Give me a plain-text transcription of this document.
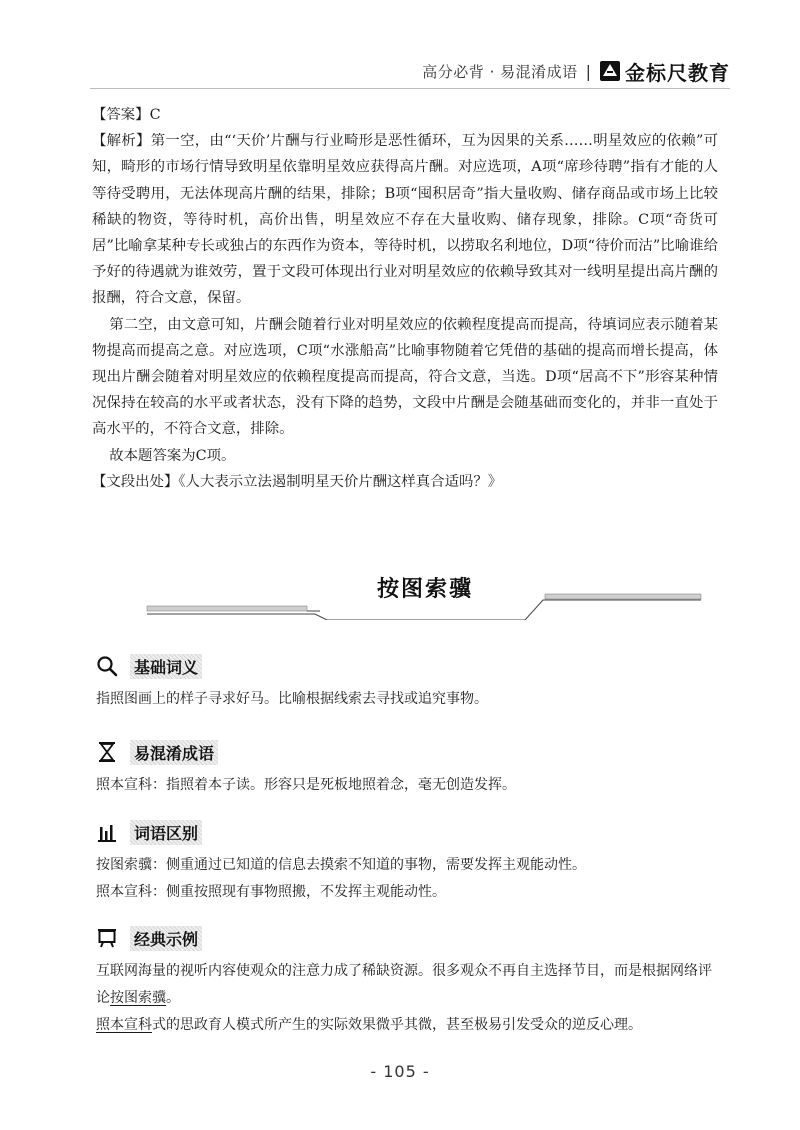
高分必背 · 易混淆成语 | 金标尺教育

【答案】C

【解析】第一空，由“‘天价’片酬与行业畸形是恶性循环，互为因果的关系……明星效应的依赖”可知，畸形的市场行情导致明星依靠明星效应获得高片酬。对应选项，A项“席珍待聘”指有才能的人等待受聘用，无法体现高片酬的结果，排除；B项“囤积居奇”指大量收购、储存商品或市场上比较稀缺的物资，等待时机，高价出售，明星效应不存在大量收购、储存现象，排除。C项“奇货可居”比喻拿某种专长或独占的东西作为资本，等待时机，以捞取名利地位，D项“待价而沽”比喻谁给予好的待遇就为谁效劳，置于文段可体现出行业对明星效应的依赖导致其对一线明星提出高片酬的报酬，符合文意，保留。

第二空，由文意可知，片酬会随着行业对明星效应的依赖程度提高而提高，待填词应表示随着某物提高而提高之意。对应选项，C项“水涨船高”比喻事物随着它凭借的基础的提高而增长提高，体现出片酬会随着对明星效应的依赖程度提高而提高，符合文意，当选。D项“居高不下”形容某种情况保持在较高的水平或者状态，没有下降的趋势，文段中片酬是会随基础而变化的，并非一直处于高水平的，不符合文意，排除。

故本题答案为C项。

【文段出处】《人大表示立法遏制明星天价片酬这样真合适吗？》

按图索骥
基础词义

指照图画上的样子寻求好马。比喻根据线索去寻找或追究事物。

易混淆成语

照本宣科：指照着本子读。形容只是死板地照着念，毫无创造发挥。

词语区别

按图索骥：侧重通过已知道的信息去摸索不知道的事物，需要发挥主观能动性。

照本宣科：侧重按照现有事物照搬，不发挥主观能动性。

经典示例

互联网海量的视听内容使观众的注意力成了稀缺资源。很多观众不再自主选择节目，而是根据网络评论按图索骥。

照本宣科式的思政育人模式所产生的实际效果微乎其微，甚至极易引发受众的逆反心理。

- 105 -
